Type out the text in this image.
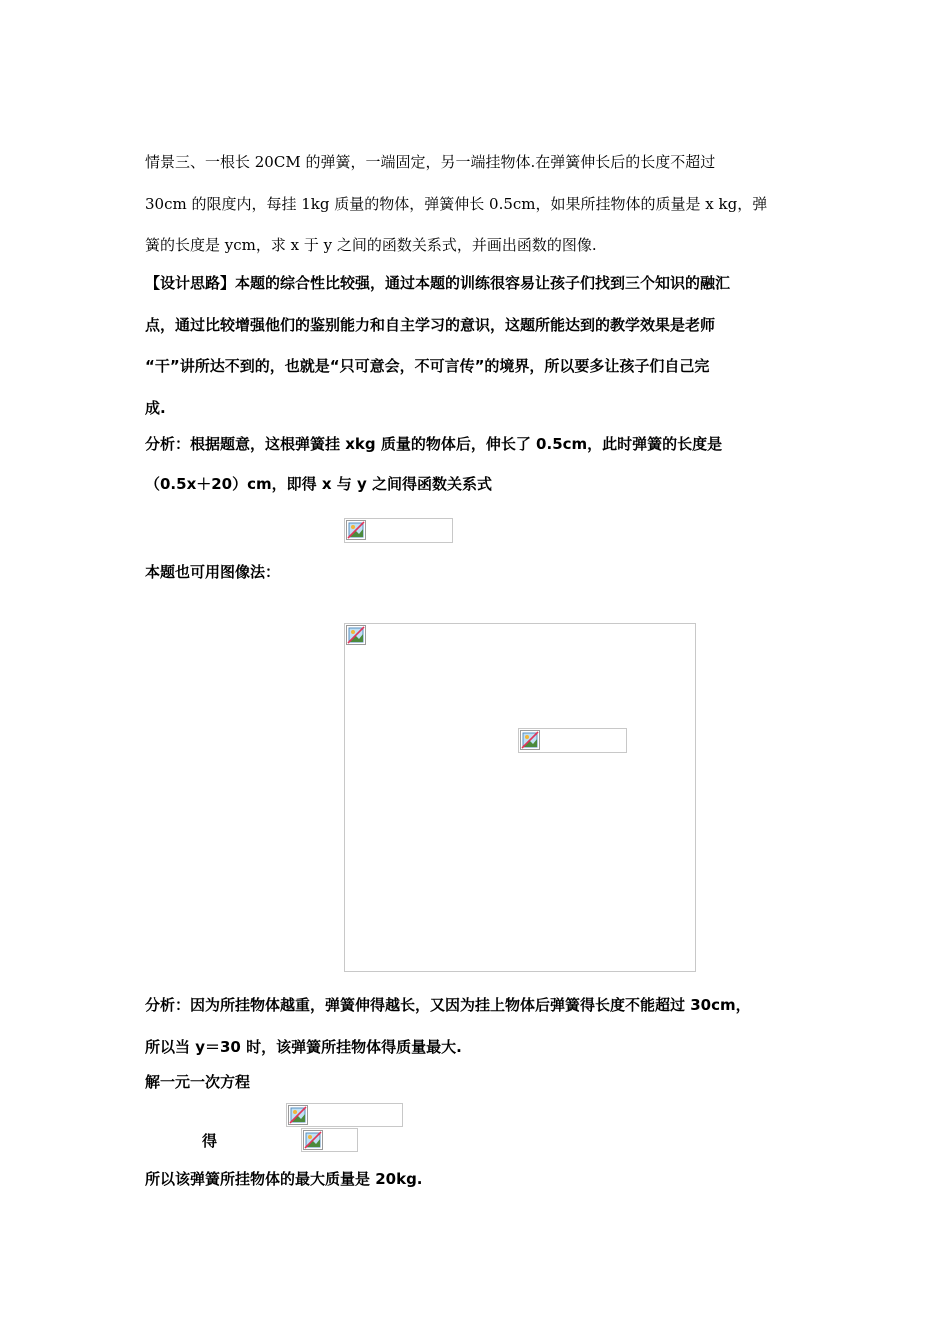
情景三、一根长 20CM 的弹簧，一端固定，另一端挂物体.在弹簧伸长后的长度不超过
30cm 的限度内，每挂 1kg 质量的物体，弹簧伸长 0.5cm，如果所挂物体的质量是 x kg，弹
簧的长度是 ycm，求 x 于 y 之间的函数关系式，并画出函数的图像.
【设计思路】本题的综合性比较强，通过本题的训练很容易让孩子们找到三个知识的融汇
点，通过比较增强他们的鉴别能力和自主学习的意识，这题所能达到的教学效果是老师
“干”讲所达不到的，也就是“只可意会，不可言传”的境界，所以要多让孩子们自己完
成.
分析：根据题意，这根弹簧挂 xkg 质量的物体后，伸长了 0.5cm，此时弹簧的长度是
（0.5x＋20）cm，即得 x 与 y 之间得函数关系式
本题也可用图像法：
分析：因为所挂物体越重，弹簧伸得越长，又因为挂上物体后弹簧得长度不能超过 30cm，
所以当 y＝30 时，该弹簧所挂物体得质量最大.
解一元一次方程
得
所以该弹簧所挂物体的最大质量是 20kg.
